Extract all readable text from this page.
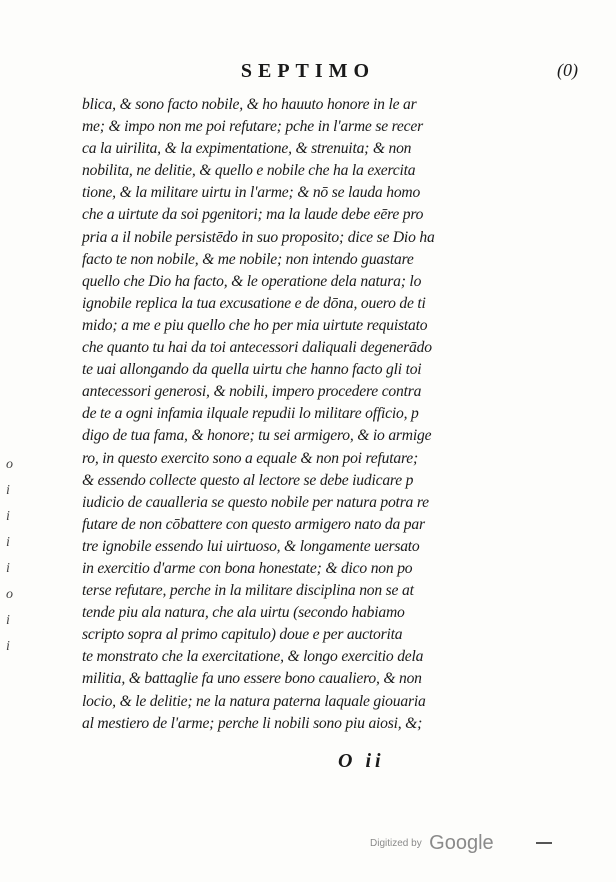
SEPTIMO	(0)
blica, & sono facto nobile, & ho hauuto honore in le ar
me; & impo non me poi refutare; pche in l'arme se recer
ca la uirilita, & la expimentatione, & strenuita; & non
nobilita, ne delitie, & quello e nobile che ha la exercita
tione, & la militare uirtu in l'arme; & nō se lauda homo
che a uirtute da soi pgenitori; ma la laude debe eēre pro
pria a il nobile persistēdo in suo proposito; dice se Dio ha
facto te non nobile, & me nobile; non intendo guastare
quello che Dio ha facto, & le operatione dela natura; lo
ignobile replica la tua excusatione e de dōna, ouero de ti
mido; a me e piu quello che ho per mia uirtute requistato
che quanto tu hai da toi antecessori daliquali degenerādo
te uai allongando da quella uirtu che hanno facto gli toi
antecessori generosi, & nobili, impero procedere contra
de te a ogni infamia ilquale repudii lo militare officio, p
digo de tua fama, & honore; tu sei armigero, & io armige
ro, in questo exercito sono a equale & non poi refutare;
& essendo collecte questo al lectore se debe iudicare p
iudicio de caualleria se questo nobile per natura potra re
futare de non cōbattere con questo armigero nato da par
tre ignobile essendo lui uirtuoso, & longamente uersato
in exercitio d'arme con bona honestate; & dico non po
terse refutare, perche in la militare disciplina non se at
tende piu ala natura, che ala uirtu (secondo habiamo
scripto sopra al primo capitulo) doue e per auctorita
te monstrato che la exercitatione, & longo exercitio dela
militia, & battaglie fa uno essere bono caualiero, & non
locio, & le delitie; ne la natura paterna laquale giouaria
al mestiero de l'arme; perche li nobili sono piu aiosi, &;
o
i
i
i
i
o
i
i
O ii
Digitized by Google
